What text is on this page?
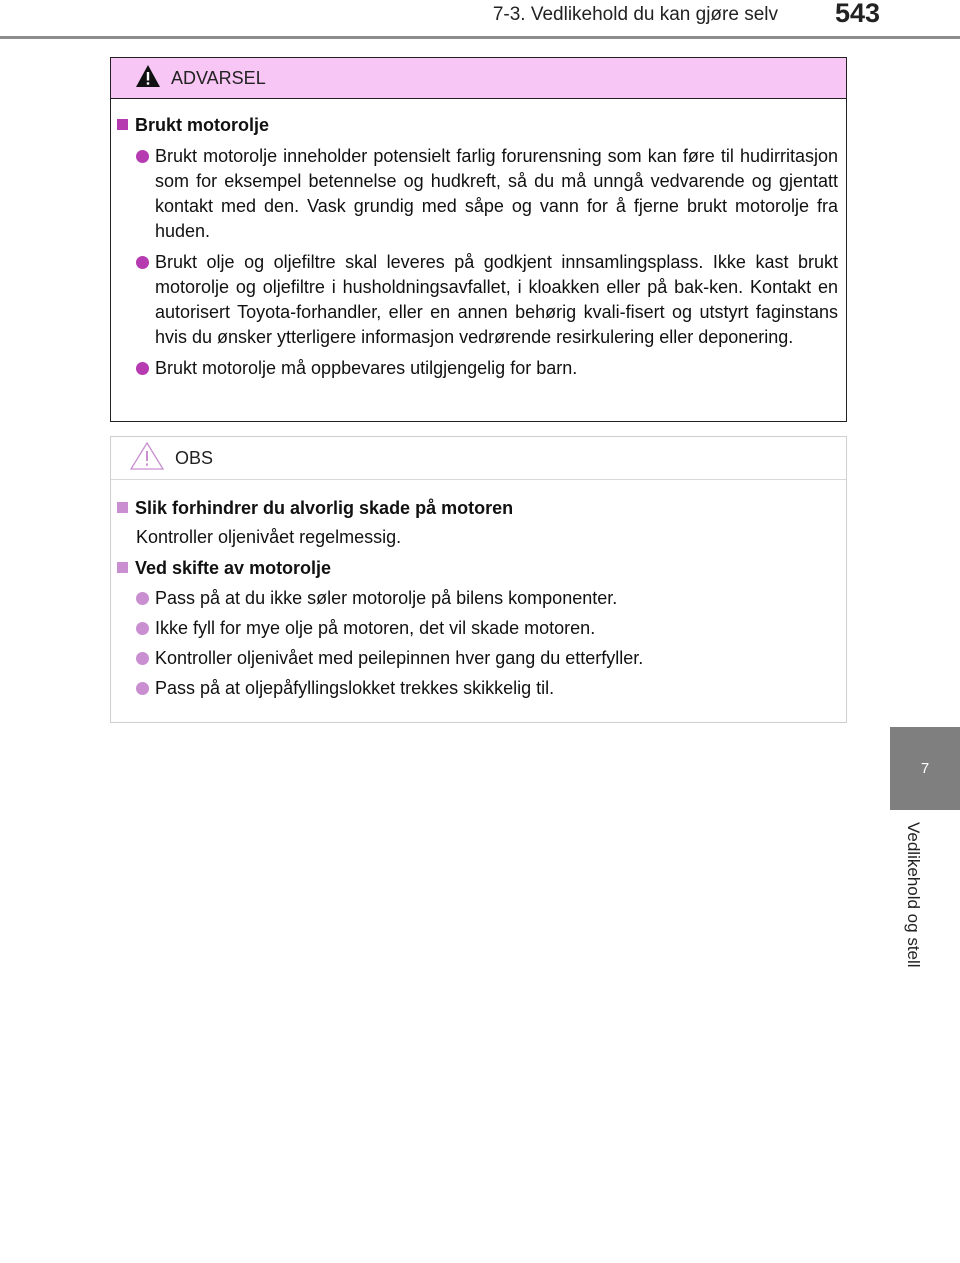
7-3. Vedlikehold du kan gjøre selv	543
7
Vedlikehold og stell
ADVARSEL
Brukt motorolje
Brukt motorolje inneholder potensielt farlig forurensning som kan føre til hudirritasjon som for eksempel betennelse og hudkreft, så du må unngå vedvarende og gjentatt kontakt med den. Vask grundig med såpe og vann for å fjerne brukt motorolje fra huden.
Brukt olje og oljefiltre skal leveres på godkjent innsamlingsplass. Ikke kast brukt motorolje og oljefiltre i husholdningsavfallet, i kloakken eller på bak-ken. Kontakt en autorisert Toyota-forhandler, eller en annen behørig kvali-fisert og utstyrt faginstans hvis du ønsker ytterligere informasjon vedrørende resirkulering eller deponering.
Brukt motorolje må oppbevares utilgjengelig for barn.
OBS
Slik forhindrer du alvorlig skade på motoren
Kontroller oljenivået regelmessig.
Ved skifte av motorolje
Pass på at du ikke søler motorolje på bilens komponenter.
Ikke fyll for mye olje på motoren, det vil skade motoren.
Kontroller oljenivået med peilepinnen hver gang du etterfyller.
Pass på at oljepåfyllingslokket trekkes skikkelig til.
